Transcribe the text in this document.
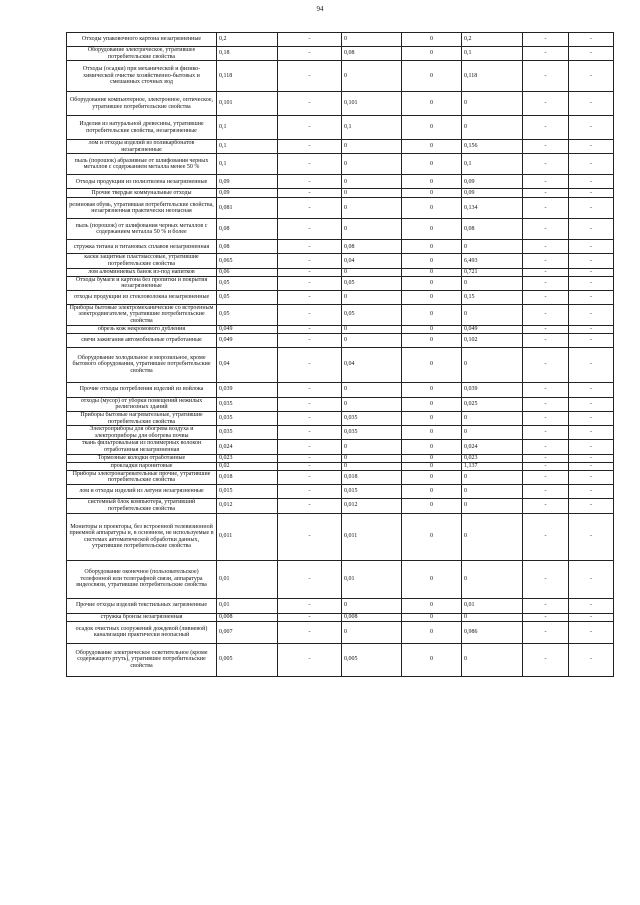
94
Отходы упаковочного картона незагрязненные	0,2	-	0	0	0,2	-	-
Оборудование электрическое, утратившее потребительские свойства	0,18	-	0,08	0	0,1	-	-
Отходы (осадки) при механической и физико-химической очистке хозяйственно-бытовых и смешанных сточных вод	0,118	-	0	0	0,118	-	-
Оборудование компьютерное, электронное, оптическое, утратившее потребительские свойства	0,101	-	0,101	0	0	-	-
Изделия из натуральной древесины, утратившие потребительские свойства, незагрязненные	0,1	-	0,1	0	0	-	-
лом и отходы изделий из поликарбонатов незагрязненные	0,1	-	0	0	0,156	-	-
пыль (порошок) абразивные от шлифования черных металлов с содержанием металла менее 50 %	0,1	-	0	0	0,1	-	-
Отходы продукции из полиэтилена незагрязненные	0,09	-	0	0	0,09	-	-
Прочие твердые коммунальные отходы	0,09	-	0	0	0,09	-	-
резиновая обувь, утратившая потребительские свойства, незагрязненная практически неопасная	0,081	-	0	0	0,134	-	-
пыль (порошок) от шлифования черных металлов с содержанием металла 50 % и более	0,08	-	0	0	0,08	-	-
стружка титана и титановых сплавов незагрязненная	0,08	-	0,08	0	0	-	-
каски защитные пластмассовые, утратившие потребительские свойства	0,065	-	0,04	0	6,493	-	-
лом алюминиевых банок из-под напитков	0,06	-	0	0	0,721	-	-
Отходы бумаги и картона без пропитки и покрытия незагрязненные	0,05	-	0,05	0	0	-	-
отходы продукции из стекловолокна незагрязненные	0,05	-	0	0	0,15	-	-
Приборы бытовые электромеханические со встроенным электродвигателем, утратившие потребительские свойства	0,05	-	0,05	0	0	-	-
обрезь кож некромового дубления	0,049	-	0	0	0,049	-	-
свечи зажигания автомобильные отработанные	0,049	-	0	0	0,102	-	-
Оборудование холодильное и морозильное, кроме бытового оборудования, утратившее потребительские свойства	0,04	-	0,04	0	0	-	-
Прочие отходы потребления изделий из войлока	0,039	-	0	0	0,039	-	-
отходы (мусор) от уборки помещений нежилых религиозных зданий	0,035	-	0	0	0,025	-	-
Приборы бытовые нагревательные, утратившие потребительские свойства	0,035	-	0,035	0	0	-	-
Электроприборы для обогрева воздуха и электроприборы для обогрева почвы	0,035	-	0,035	0	0	-	-
ткань фильтровальная из полимерных волокон отработанная незагрязненная	0,024	-	0	0	0,024	-	-
Тормозные колодки отработанные	0,023	-	0	0	0,023	-	-
прокладки паронитовые	0,02	-	0	0	1,137	-	-
Приборы электронагревательные прочие, утратившие потребительские свойства	0,018	-	0,018	0	0	-	-
лом и отходы изделий из латуни незагрязненные	0,015	-	0,015	0	0	-	-
системный блок компьютера, утративший потребительские свойства	0,012	-	0,012	0	0	-	-
Мониторы и проекторы, без встроенной телевизионной приемной аппаратуры и, в основном, не используемые в системах автоматической обработки данных, утратившие потребительские свойства	0,011	-	0,011	0	0	-	-
Оборудование оконечное (пользовательское) телефонной или телеграфной связи, аппаратура видеосвязи, утратившие потребительские свойства	0,01	-	0,01	0	0	-	-
Прочие отходы изделий текстильных загрязненные	0,01	-	0	0	0,01	-	-
стружка бронзы незагрязненная	0,008	-	0,008	0	0	-	-
осадок очистных сооружений дождевой (ливневой) канализации практически неопасный	0,007	-	0	0	0,986	-	-
Оборудование электрическое осветительное (кроме содержащего ртуть), утратившее потребительские свойства	0,005	-	0,005	0	0	-	-
